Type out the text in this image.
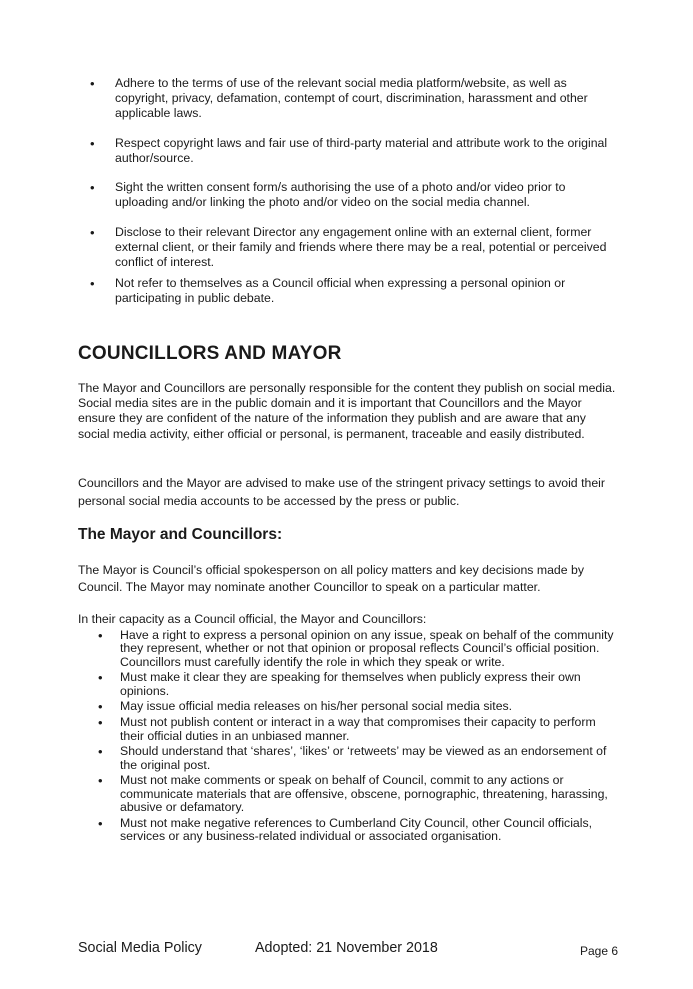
• Adhere to the terms of use of the relevant social media platform/website, as well as copyright, privacy, defamation, contempt of court, discrimination, harassment and other applicable laws.
• Respect copyright laws and fair use of third-party material and attribute work to the original author/source.
• Sight the written consent form/s authorising the use of a photo and/or video prior to uploading and/or linking the photo and/or video on the social media channel.
• Disclose to their relevant Director any engagement online with an external client, former external client, or their family and friends where there may be a real, potential or perceived conflict of interest.
• Not refer to themselves as a Council official when expressing a personal opinion or participating in public debate.
COUNCILLORS AND MAYOR

The Mayor and Councillors are personally responsible for the content they publish on social media. Social media sites are in the public domain and it is important that Councillors and the Mayor ensure they are confident of the nature of the information they publish and are aware that any social media activity, either official or personal, is permanent, traceable and easily distributed.

Councillors and the Mayor are advised to make use of the stringent privacy settings to avoid their personal social media accounts to be accessed by the press or public.

The Mayor and Councillors:

The Mayor is Council’s official spokesperson on all policy matters and key decisions made by Council. The Mayor may nominate another Councillor to speak on a particular matter.

In their capacity as a Council official, the Mayor and Councillors:

• Have a right to express a personal opinion on any issue, speak on behalf of the community they represent, whether or not that opinion or proposal reflects Council’s official position. Councillors must carefully identify the role in which they speak or write.
• Must make it clear they are speaking for themselves when publicly express their own opinions.
• May issue official media releases on his/her personal social media sites.
• Must not publish content or interact in a way that compromises their capacity to perform their official duties in an unbiased manner.
• Should understand that ‘shares’, ‘likes’ or ‘retweets’ may be viewed as an endorsement of the original post.
• Must not make comments or speak on behalf of Council, commit to any actions or communicate materials that are offensive, obscene, pornographic, threatening, harassing, abusive or defamatory.
• Must not make negative references to Cumberland City Council, other Council officials, services or any business-related individual or associated organisation.
Social Media Policy	Adopted: 21 November 2018	Page 6
